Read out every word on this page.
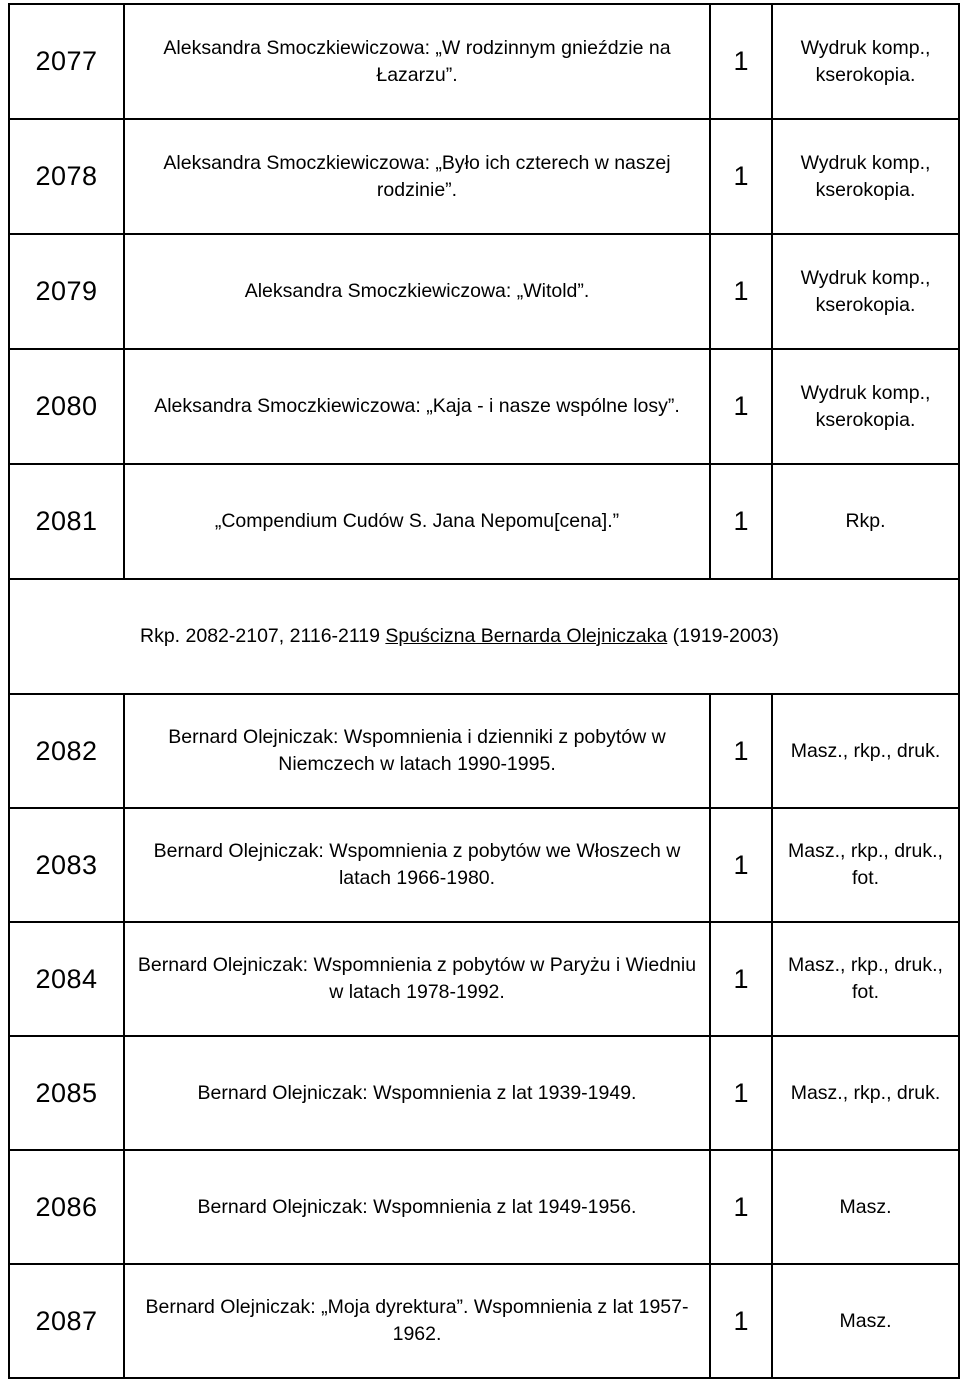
2077	Aleksandra Smoczkiewiczowa: „W rodzinnym gnieździe na Łazarzu”.	1	Wydruk komp., kserokopia.
2078	Aleksandra Smoczkiewiczowa: „Było ich czterech w naszej rodzinie”.	1	Wydruk komp., kserokopia.
2079	Aleksandra Smoczkiewiczowa: „Witold”.	1	Wydruk komp., kserokopia.
2080	Aleksandra Smoczkiewiczowa: „Kaja - i nasze wspólne losy”.	1	Wydruk komp., kserokopia.
2081	„Compendium Cudów S. Jana Nepomu[cena].”	1	Rkp.
Rkp. 2082-2107, 2116-2119 Spuścizna Bernarda Olejniczaka (1919-2003)			
2082	Bernard Olejniczak: Wspomnienia i dzienniki z pobytów w Niemczech w latach 1990-1995.	1	Masz., rkp., druk.
2083	Bernard Olejniczak: Wspomnienia z pobytów we Włoszech w latach 1966-1980.	1	Masz., rkp., druk., fot.
2084	Bernard Olejniczak: Wspomnienia z pobytów w Paryżu i Wiedniu w latach 1978-1992.	1	Masz., rkp., druk., fot.
2085	Bernard Olejniczak: Wspomnienia z lat 1939-1949.	1	Masz., rkp., druk.
2086	Bernard Olejniczak: Wspomnienia z lat 1949-1956.	1	Masz.
2087	Bernard Olejniczak: „Moja dyrektura”. Wspomnienia z lat 1957-1962.	1	Masz.
